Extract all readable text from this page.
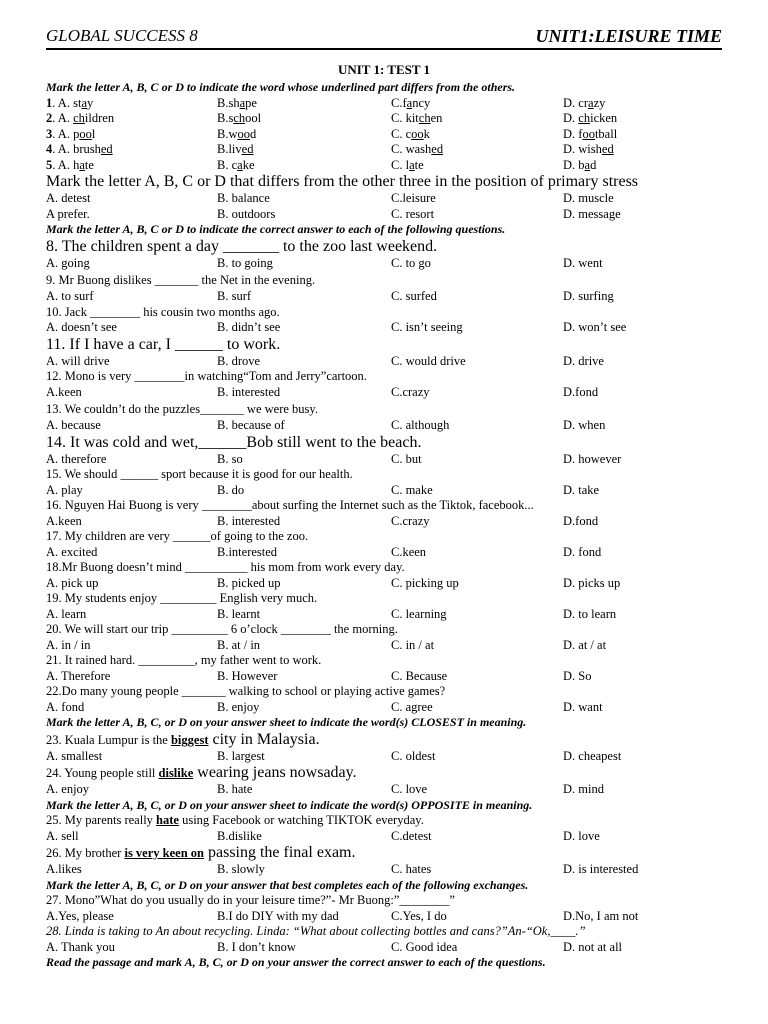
GLOBAL SUCCESS 8	UNIT1:LEISURE TIME
UNIT 1: TEST 1
Mark the letter A, B, C or D to indicate the word whose underlined part differs from the others.
1. A. stay	B.shape	C.fancy	D. crazy
2. A. children	B.school	C. kitchen	D. chicken
3. A. pool	B.wood	C. cook	D. football
4. A. brushed	B.lived	C. washed	D. wished
5. A. hate	B. cake	C. late	D. bad
Mark the letter A, B, C or D that differs from the other three in the position of primary stress
A. detest	B. balance	C.leisure	D. muscle
A prefer.	B. outdoors	C. resort	D. message
Mark the letter A, B, C or D to indicate the correct answer to each of the following questions.
8. The children spent a day _______ to the zoo last weekend.
A. going	B. to going	C. to go	D. went
9. Mr Buong dislikes _______ the Net in the evening.
A. to surf	B. surf	C. surfed	D. surfing
10. Jack ________ his cousin two months ago.
A. doesn’t see	B. didn’t see	C. isn’t seeing	D. won’t see
11. If I have a car, I ______ to work.
A. will drive	B. drove	C. would drive	D. drive
12. Mono is very ________in watching“Tom and Jerry”cartoon.
A.keen	B. interested	C.crazy	D.fond
13. We couldn’t do the puzzles_______ we were busy.
A. because	B. because of	C. although	D. when
14. It was cold and wet,______Bob still went to the beach.
A. therefore	B. so	C. but	D. however
15. We should ______ sport because it is good for our health.
A. play	B. do	C. make	D. take
16. Nguyen Hai Buong is very ________about surfing the Internet such as the Tiktok, facebook...
A.keen	B. interested	C.crazy	D.fond
17. My children are very ______of going to the zoo.
A. excited	B.interested	C.keen	D. fond
18.Mr Buong doesn’t mind __________ his mom from work every day.
A. pick up	B. picked up	C. picking up	D. picks up
19. My students enjoy _________ English very much.
A. learn	B. learnt	C. learning	D. to learn
20. We will start our trip _________ 6 o’clock ________ the morning.
A. in / in	B. at / in	C. in / at	D. at / at
21. It rained hard. _________, my father went to work.
A. Therefore	B. However	C. Because	D. So
22.Do many young people _______ walking to school or playing active games?
A. fond	B. enjoy	C. agree	D. want
Mark the letter A, B, C, or D on your answer sheet to indicate the word(s) CLOSEST in meaning.
23. Kuala Lumpur is the biggest city in Malaysia.
A. smallest	B. largest	C. oldest	D. cheapest
24. Young people still dislike wearing jeans nowsaday.
A. enjoy	B. hate	C. love	D. mind
Mark the letter A, B, C, or D on your answer sheet to indicate the word(s) OPPOSITE in meaning.
25. My parents really hate using Facebook or watching TIKTOK everyday.
A. sell	B.dislike	C.detest	D. love
26. My brother is very keen on passing the final exam.
A.likes	B. slowly	C. hates	D. is interested
Mark the letter A, B, C, or D on your answer that best completes each of the following exchanges.
27. Mono”What do you usually do in your leisure time?”- Mr Buong:”________”
A.Yes, please	B.I do DIY with my dad	C.Yes, I do	D.No, I am not
28. Linda is taking to An about recycling. Linda: “What about collecting bottles and cans?”An-“Ok,____.”
A. Thank you	B. I don’t know	C. Good idea	D. not at all
Read the passage and mark A, B, C, or D on your answer the correct answer to each of the questions.
